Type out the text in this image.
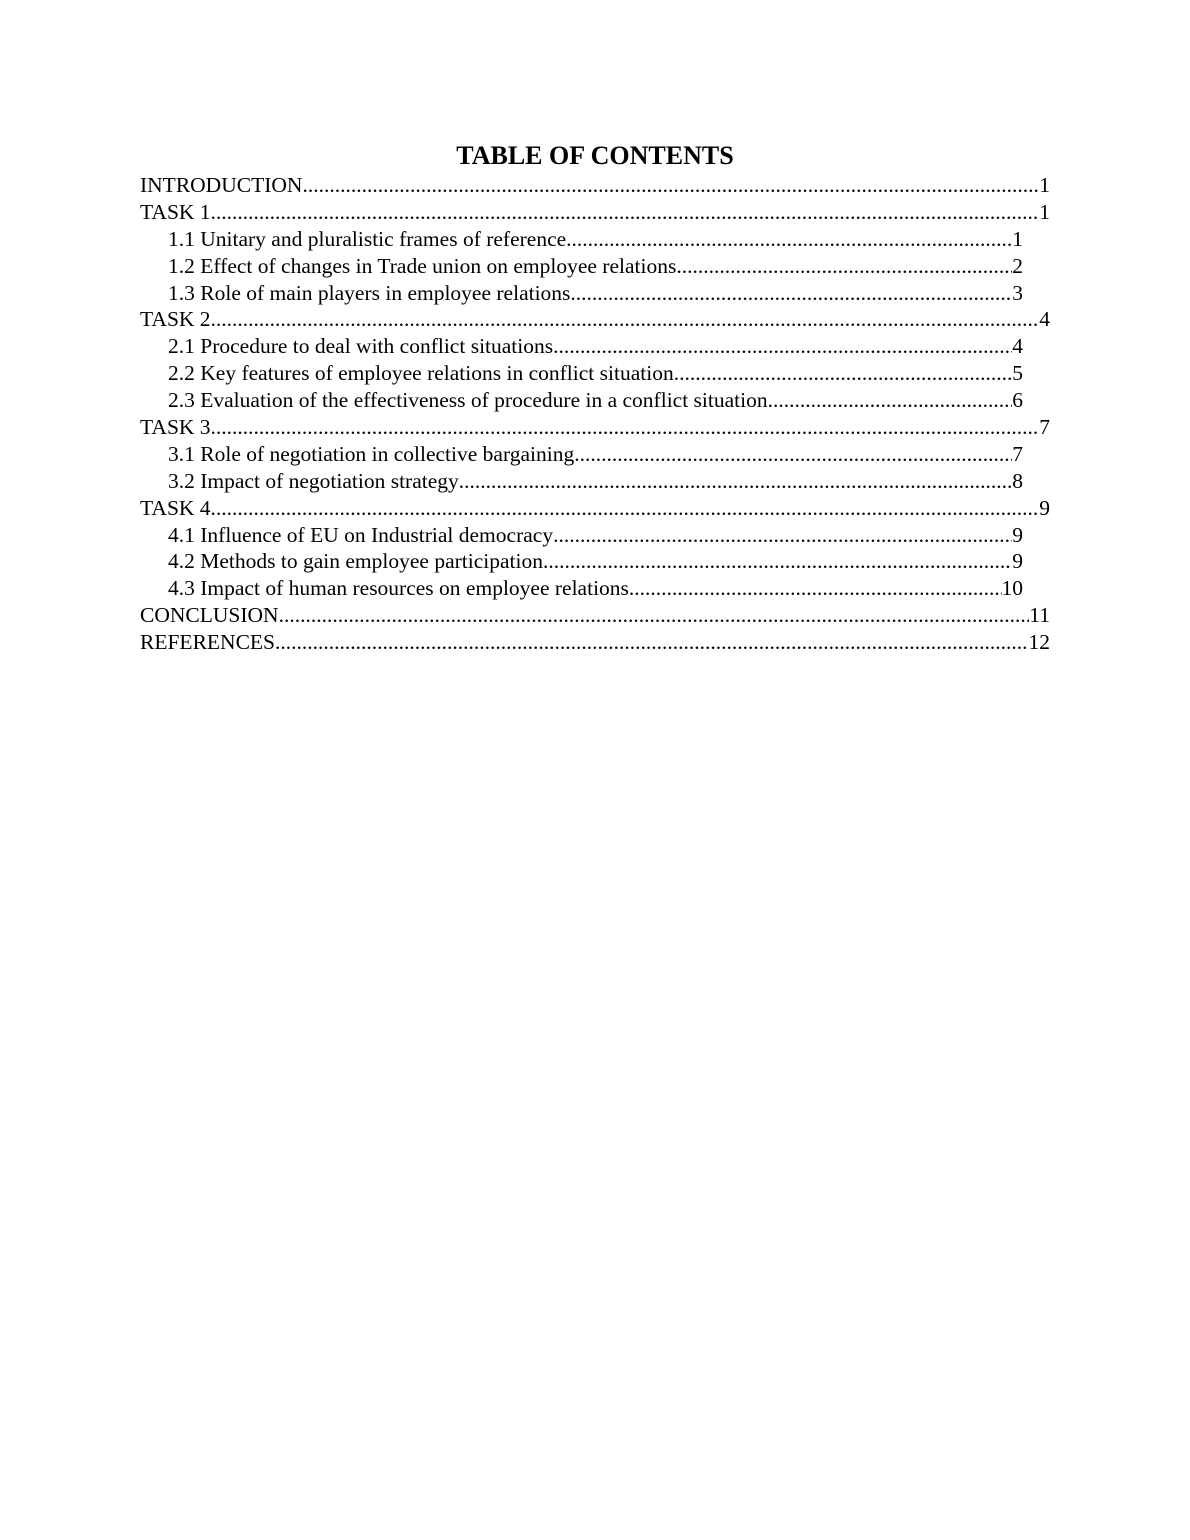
TABLE OF CONTENTS
INTRODUCTION .....	1
TASK 1 .....	1
1.1 Unitary and pluralistic frames of reference .....	1
1.2 Effect of changes in Trade union on employee relations .....	2
1.3 Role of main players in employee relations .....	3
TASK 2 .....	4
2.1 Procedure to deal with conflict situations .....	4
2.2 Key features of employee relations in conflict situation .....	5
2.3 Evaluation of the effectiveness of procedure in a conflict situation .....	6
TASK 3 .....	7
3.1 Role of negotiation in collective bargaining .....	7
3.2 Impact of negotiation strategy .....	8
TASK 4 .....	9
4.1 Influence of EU on Industrial democracy .....	9
4.2 Methods to gain employee participation .....	9
4.3 Impact of human resources on employee relations .....	10
CONCLUSION .....	11
REFERENCES .....	12
